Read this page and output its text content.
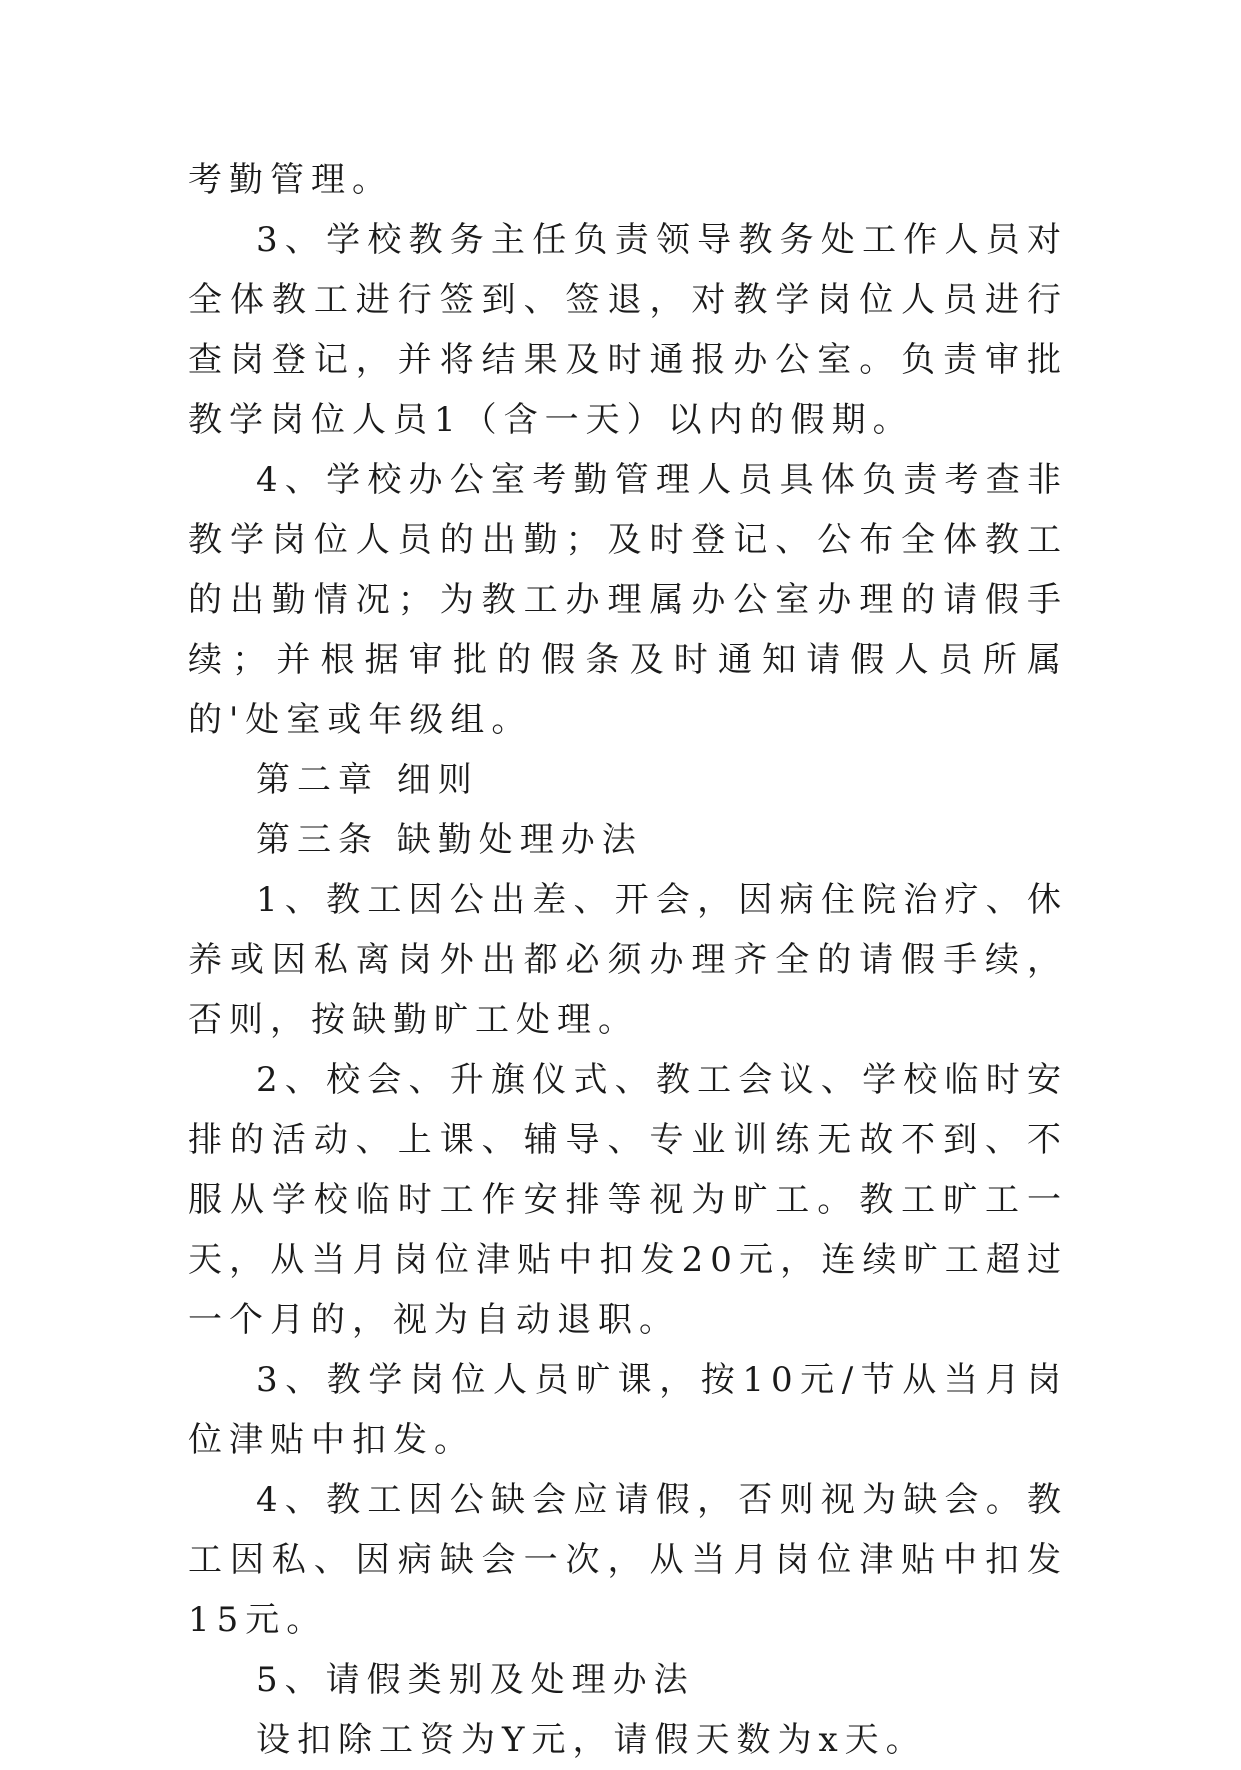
考勤管理。

3、学校教务主任负责领导教务处工作人员对全体教工进行签到、签退，对教学岗位人员进行查岗登记，并将结果及时通报办公室。负责审批教学岗位人员1（含一天）以内的假期。

4、学校办公室考勤管理人员具体负责考查非教学岗位人员的出勤；及时登记、公布全体教工的出勤情况；为教工办理属办公室办理的请假手续；并根据审批的假条及时通知请假人员所属的'处室或年级组。

第二章 细则

第三条 缺勤处理办法

1、教工因公出差、开会，因病住院治疗、休养或因私离岗外出都必须办理齐全的请假手续，否则，按缺勤旷工处理。

2、校会、升旗仪式、教工会议、学校临时安排的活动、上课、辅导、专业训练无故不到、不服从学校临时工作安排等视为旷工。教工旷工一天，从当月岗位津贴中扣发20元，连续旷工超过一个月的，视为自动退职。

3、教学岗位人员旷课，按10元/节从当月岗位津贴中扣发。

4、教工因公缺会应请假，否则视为缺会。教工因私、因病缺会一次，从当月岗位津贴中扣发15元。

5、请假类别及处理办法

设扣除工资为Y元，请假天数为x天。
